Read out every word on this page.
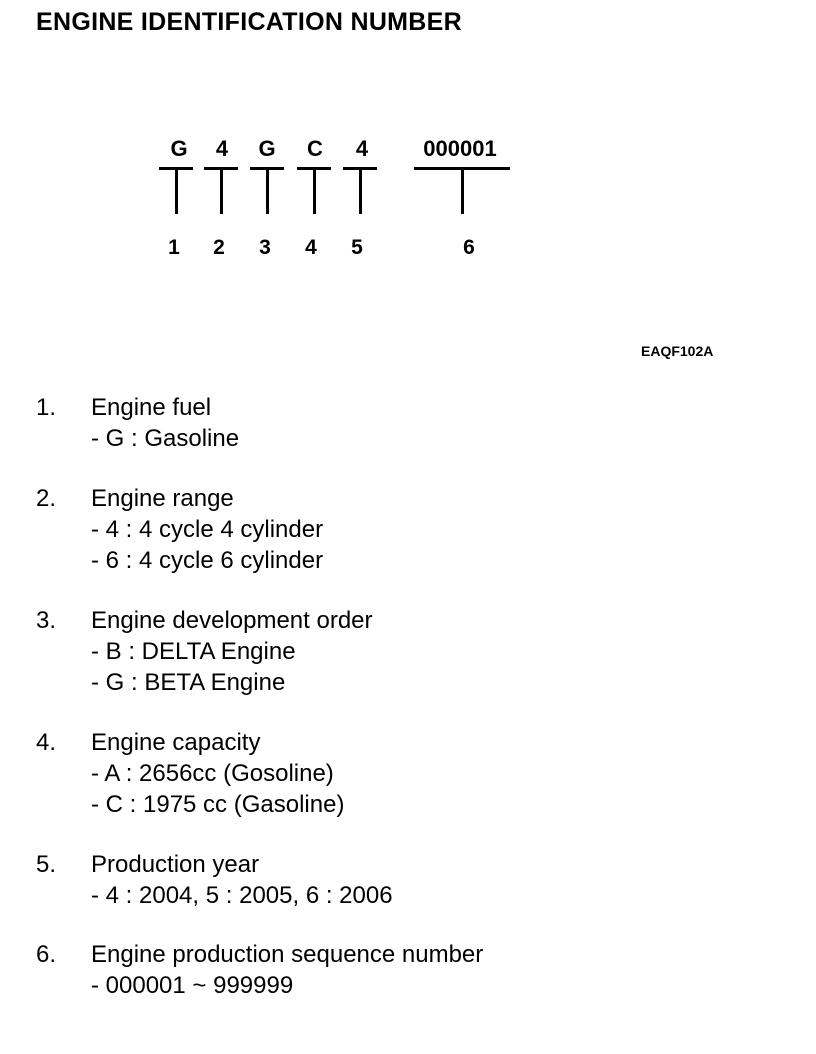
ENGINE IDENTIFICATION NUMBER
G	4	G	C	4	000001
1	2	3	4	5	6
EAQF102A
1.	Engine fuel
- G : Gasoline
2.	Engine range
- 4 : 4 cycle 4 cylinder
- 6 : 4 cycle 6 cylinder
3.	Engine development order
- B : DELTA Engine
- G : BETA Engine
4.	Engine capacity
- A : 2656cc (Gosoline)
- C : 1975 cc (Gasoline)
5.	Production year
- 4 : 2004, 5 : 2005, 6 : 2006
6.	Engine production sequence number
- 000001 ~ 999999
